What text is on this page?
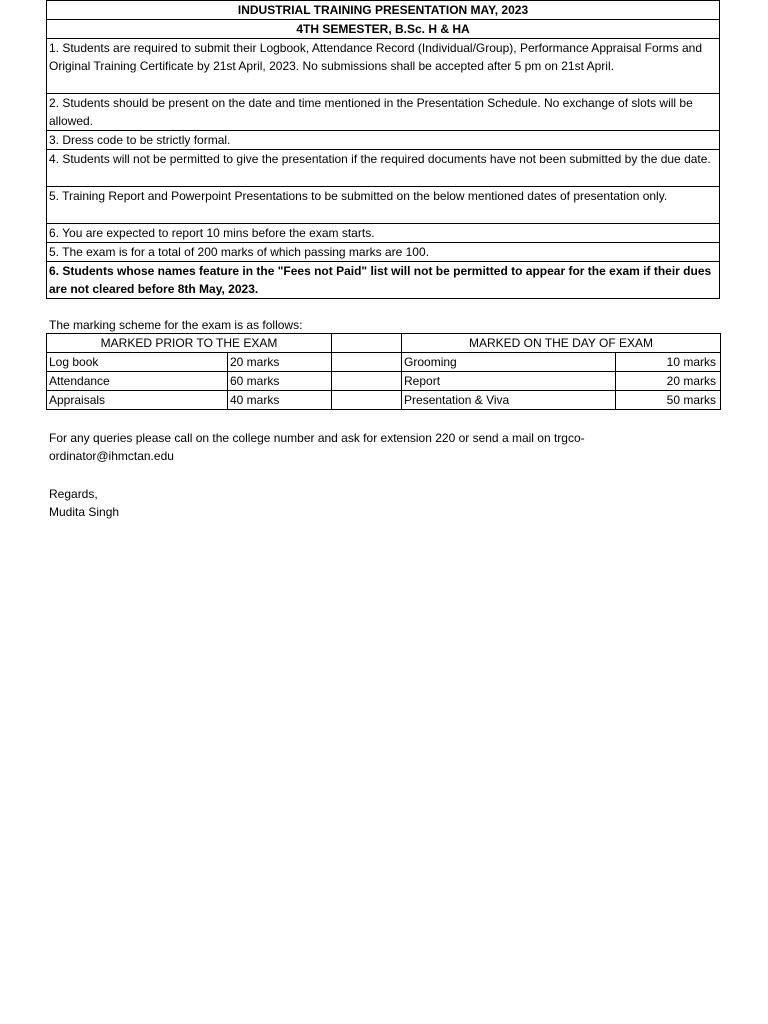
INDUSTRIAL TRAINING PRESENTATION MAY, 2023
4TH SEMESTER, B.Sc. H & HA
1. Students are required to submit their Logbook, Attendance Record (Individual/Group), Performance Appraisal Forms and Original Training Certificate by 21st April, 2023. No submissions shall be accepted after 5 pm on 21st April.
2. Students should be present on the date and time mentioned in the Presentation Schedule. No exchange of slots will be allowed.
3. Dress code to be strictly formal.
4. Students will not be permitted to give the presentation if the required documents have not been submitted by the due date.
5. Training Report and Powerpoint Presentations to be submitted on the below mentioned dates of presentation only.
6. You are expected to report 10 mins before the exam starts.
5. The exam is for a total of 200 marks of which passing marks are 100.
6. Students whose names feature in the "Fees not Paid" list will not be permitted to appear for the exam if their dues are not cleared before 8th May, 2023.
The marking scheme for the exam is as follows:
MARKED PRIOR TO THE EXAM			MARKED ON THE DAY OF EXAM	
Log book	20 marks		Grooming	10 marks
Attendance	60 marks		Report	20 marks
Appraisals	40 marks		Presentation & Viva	50 marks
For any queries please call on the college number and ask for extension 220 or send a mail on trgco-
ordinator@ihmctan.edu
Regards,
Mudita Singh
